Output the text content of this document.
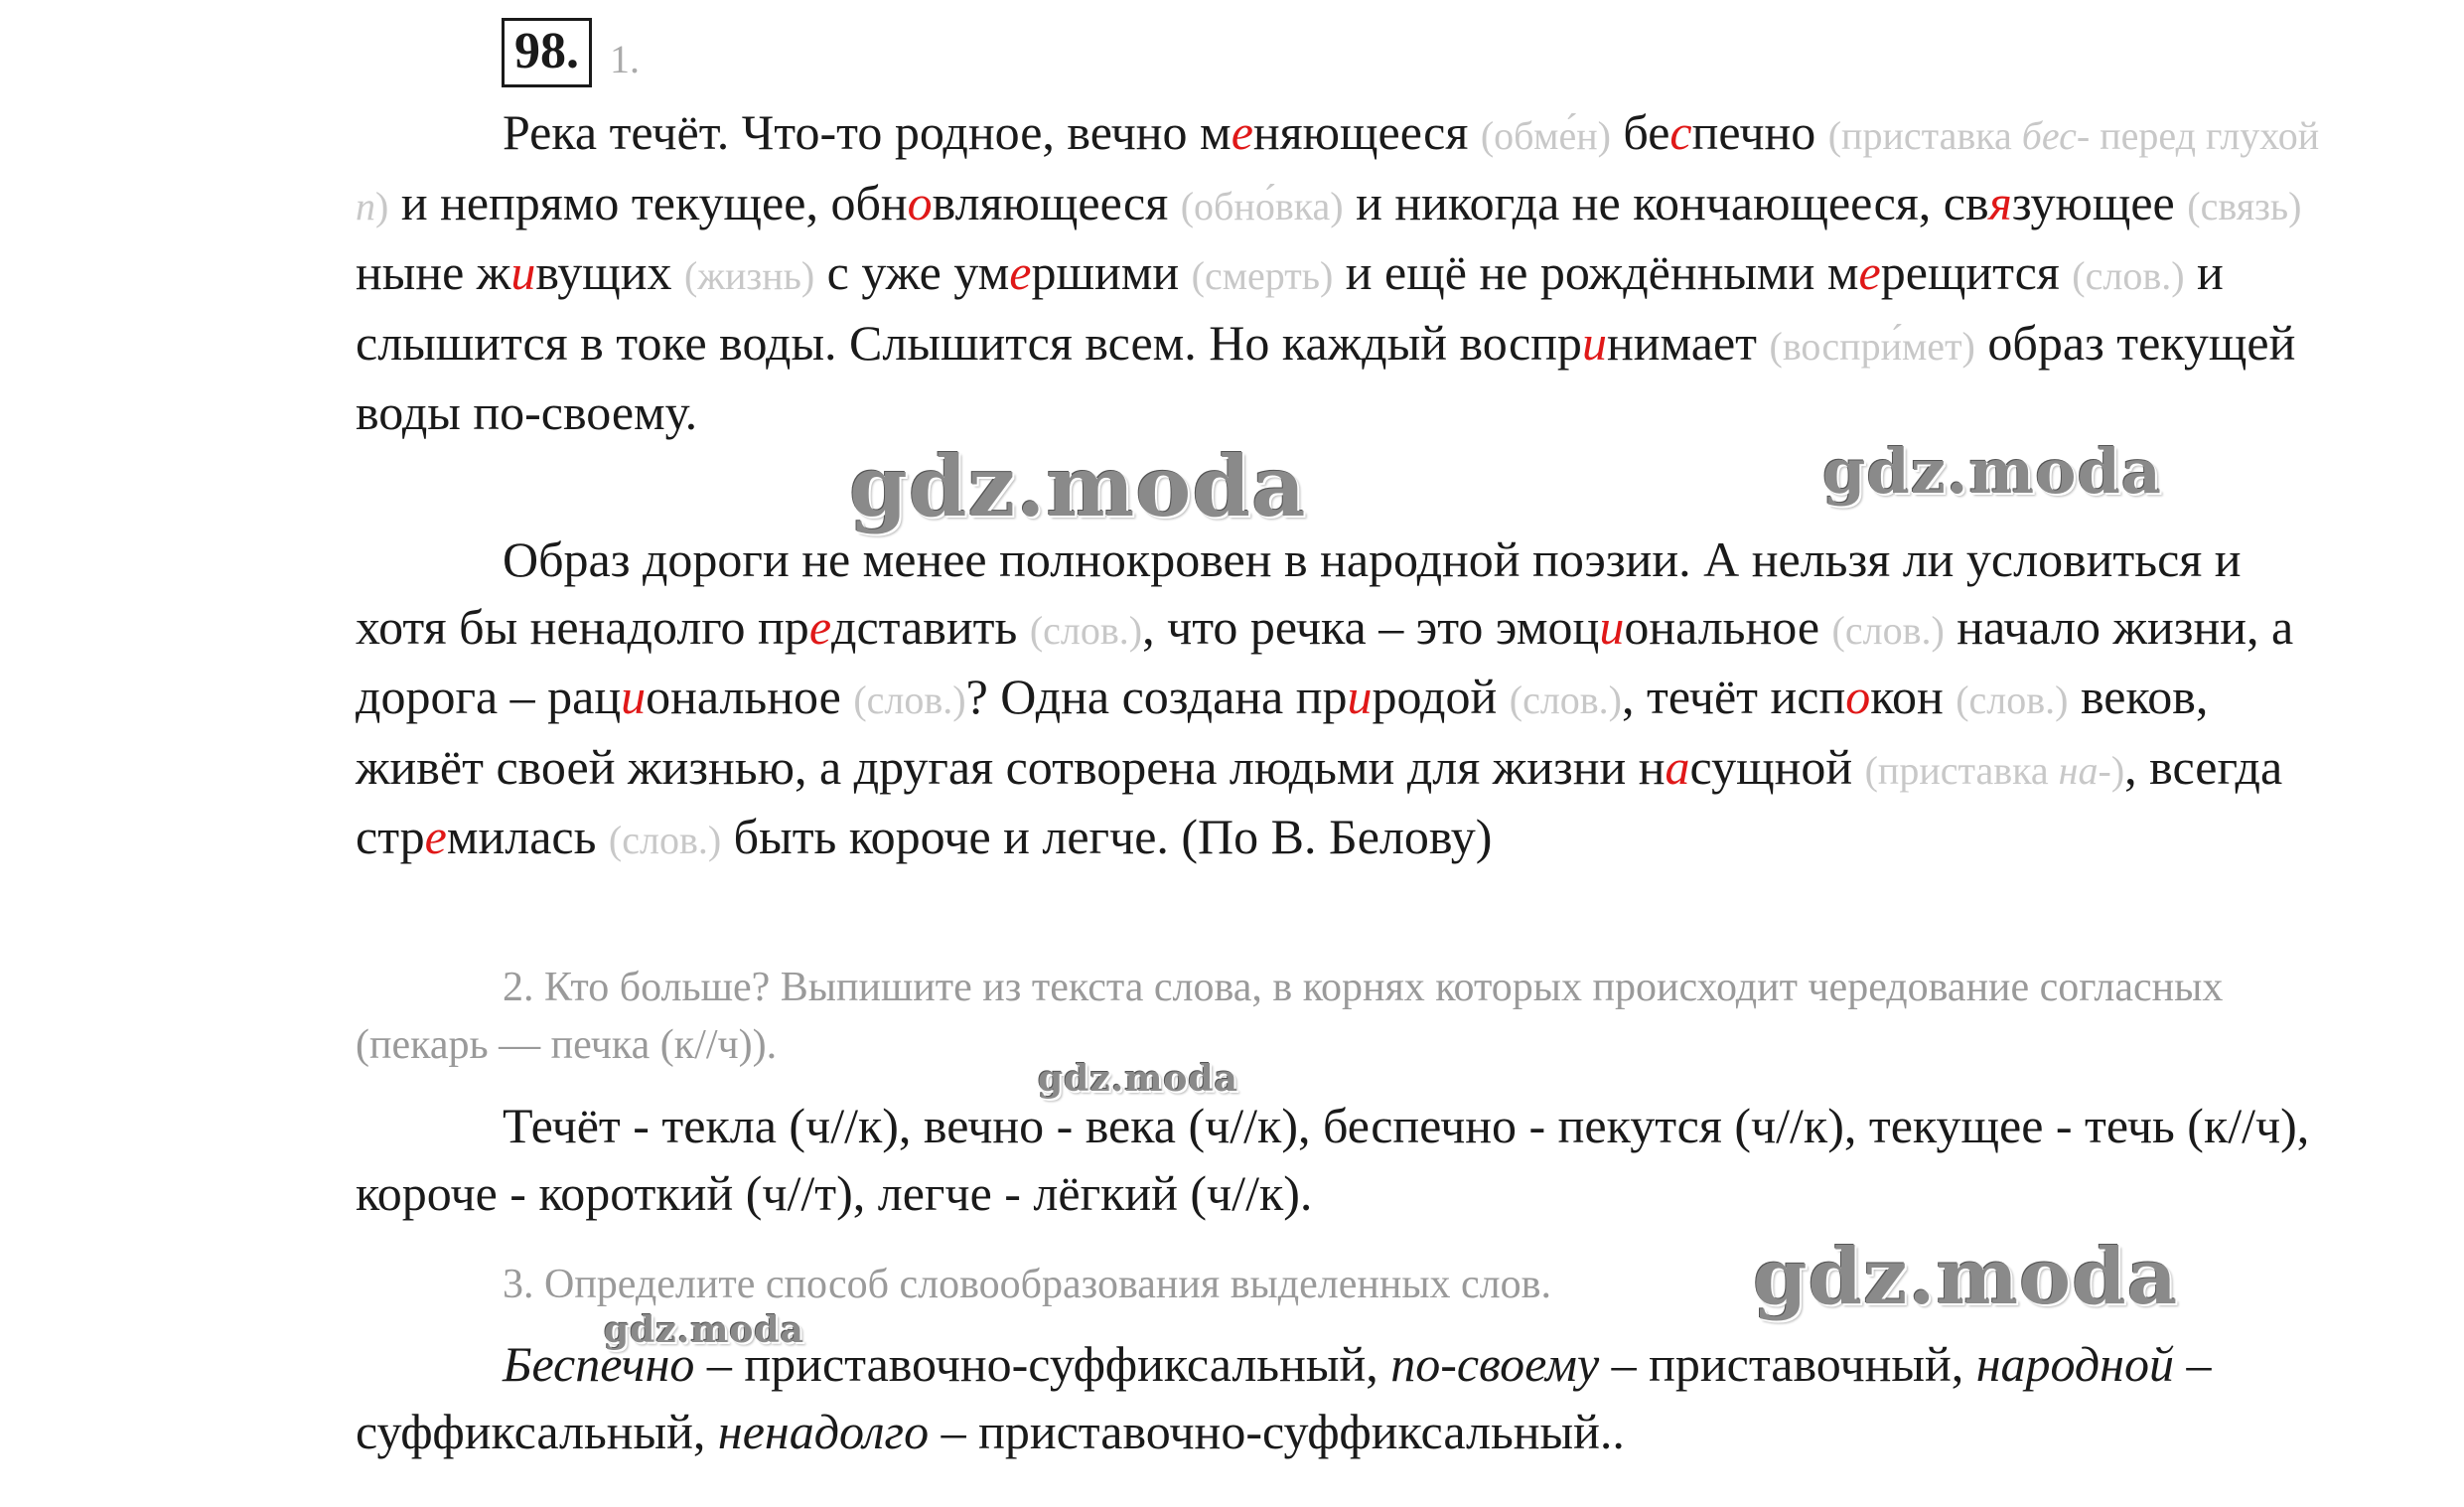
98. 1.
Река течёт. Что-то родное, вечно меняющееся (обме́н) беспечно (приставка бес- перед глухой п) и непрямо текущее, обновляющееся (обно́вка) и никогда не кончающееся, связующее (связь) ныне живущих (жизнь) с уже умершими (смерть) и ещё не рождёнными мерещится (слов.) и слышится в токе воды. Слышится всем. Но каждый воспринимает (воспри́мет) образ текущей воды по-своему.
Образ дороги не менее полнокровен в народной поэзии. А нельзя ли условиться и хотя бы ненадолго представить (слов.), что речка – это эмоциональное (слов.) начало жизни, а дорога – рациональное (слов.)? Одна создана природой (слов.), течёт испокон (слов.) веков, живёт своей жизнью, а другая сотворена людьми для жизни насущной (приставка на-), всегда стремилась (слов.) быть короче и легче. (По В. Белову)
2. Кто больше? Выпишите из текста слова, в корнях которых происходит чередование согласных (пекарь — печка (к//ч)).
Течёт - текла (ч//к), вечно - века (ч//к), беспечно - пекутся (ч//к), текущее - течь (к//ч), короче - короткий (ч//т), легче - лёгкий (ч//к).
3. Определите способ словообразования выделенных слов.
Беспечно – приставочно-суффиксальный, по-своему – приставочный, народной – суффиксальный, ненадолго – приставочно-суффиксальный..
gdz.moda	gdz.moda
gdz.moda
gdz.moda
gdz.moda
